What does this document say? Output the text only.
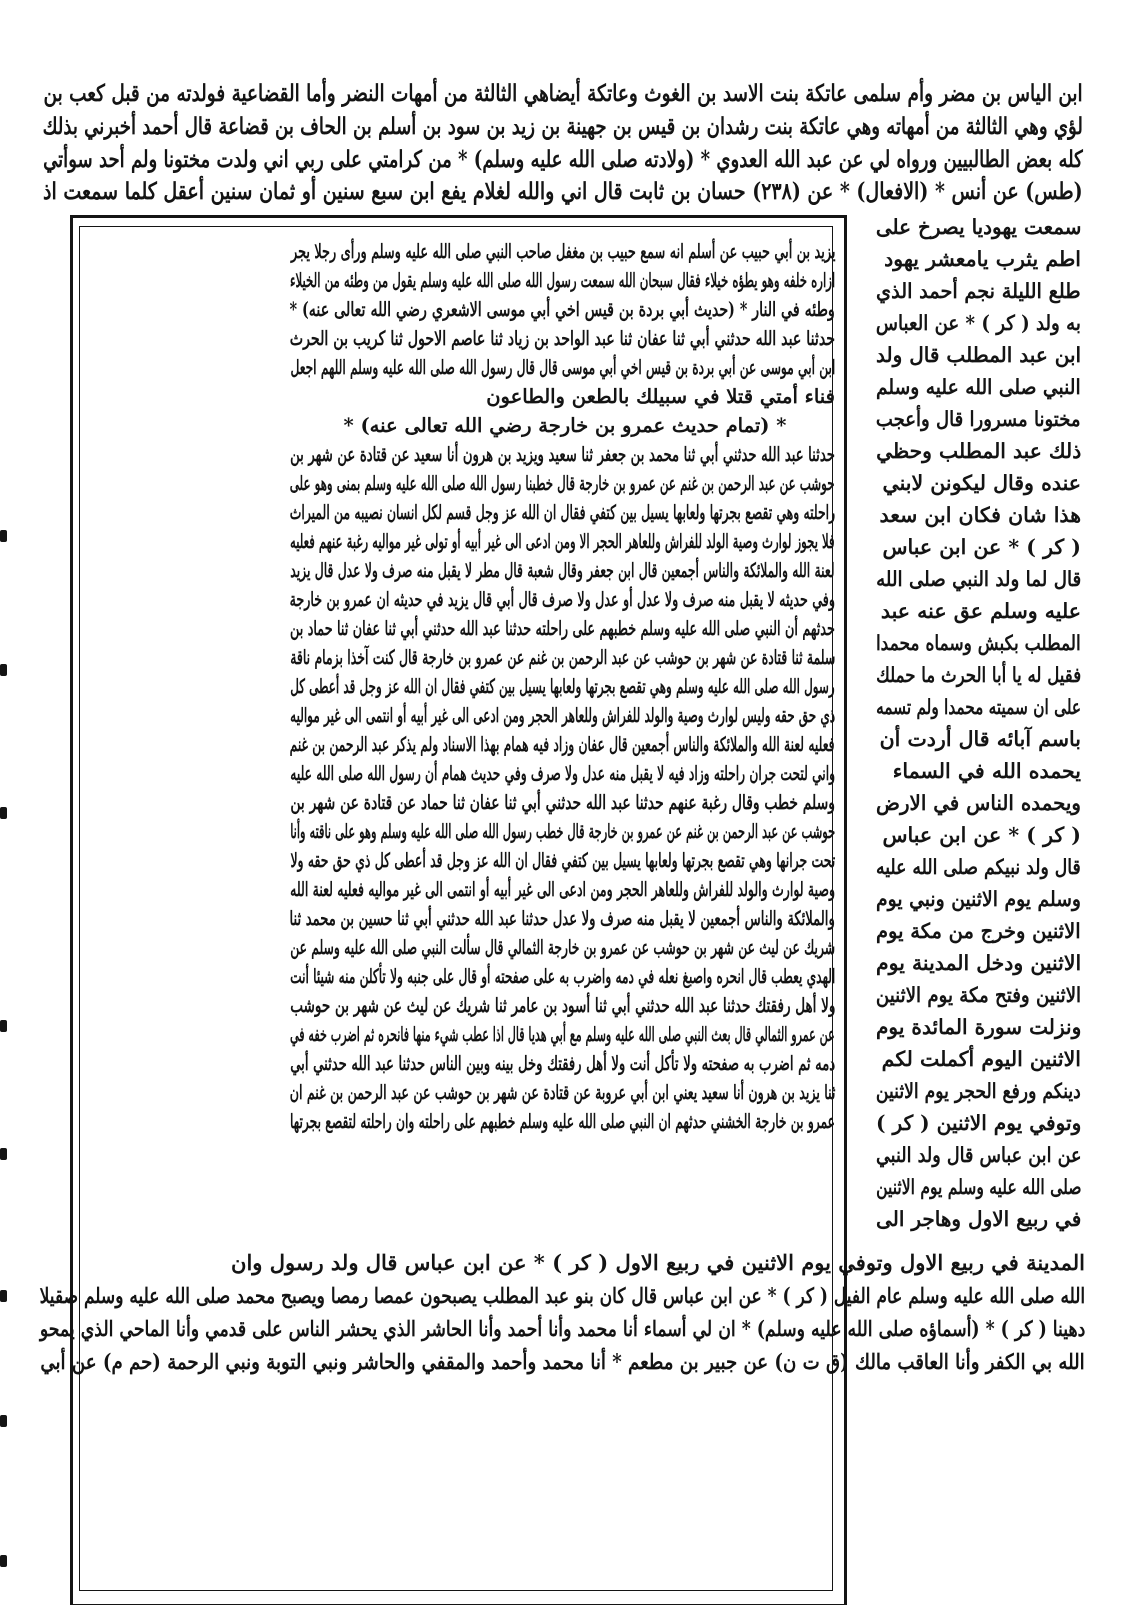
ابن الياس بن مضر وأم سلمى عاتكة بنت الاسد بن الغوث وعاتكة أيضاهي الثالثة من أمهات النضر وأما القضاعية فولدته من قبل كعب بن
لؤي وهي الثالثة من أمهاته وهي عاتكة بنت رشدان بن قيس بن جهينة بن زيد بن سود بن أسلم بن الحاف بن قضاعة قال أحمد أخبرني بذلك
كله بعض الطالبيين ورواه لي عن عبد الله العدوي * (ولادته صلى الله عليه وسلم) * من كرامتي على ربي اني ولدت مختونا ولم أحد سوأتي
(طس) عن أنس * (الافعال) * عن (٢٣٨) حسان بن ثابت قال اني والله لغلام يفع ابن سبع سنين أو ثمان سنين أعقل كلما سمعت اذ
يزيد بن أبي حبيب عن أسلم انه سمع حبيب بن مغفل صاحب النبي صلى الله عليه وسلم ورأى رجلا يجر
ازاره خلفه وهو يطؤه خيلاء فقال سبحان الله سمعت رسول الله صلى الله عليه وسلم يقول من وطئه من الخيلاء
وطئه في النار * (حديث أبي بردة بن قيس اخي أبي موسى الاشعري رضي الله تعالى عنه) *
حدثنا عبد الله حدثني أبي ثنا عفان ثنا عبد الواحد بن زياد ثنا عاصم الاحول ثنا كريب بن الحرث
ابن أبي موسى عن أبي بردة بن قيس اخي أبي موسى قال قال رسول الله صلى الله عليه وسلم اللهم اجعل
فناء أمتي قتلا في سبيلك بالطعن والطاعون
* (تمام حديث عمرو بن خارجة رضي الله تعالى عنه) *
حدثنا عبد الله حدثني أبي ثنا محمد بن جعفر ثنا سعيد ويزيد بن هرون أنا سعيد عن قتادة عن شهر بن
حوشب عن عبد الرحمن بن غنم عن عمرو بن خارجة قال خطبنا رسول الله صلى الله عليه وسلم بمنى وهو على
راحلته وهي تقصع بجرتها ولعابها يسيل بين كتفي فقال ان الله عز وجل قسم لكل انسان نصيبه من الميراث
فلا يجوز لوارث وصية الولد للفراش وللعاهر الحجر الا ومن ادعى الى غير أبيه أو تولى غير مواليه رغبة عنهم فعليه
لعنة الله والملائكة والناس أجمعين قال ابن جعفر وقال شعبة قال مطر لا يقبل منه صرف ولا عدل قال يزيد
وفي حديثه لا يقبل منه صرف ولا عدل أو عدل ولا صرف قال أبي قال يزيد في حديثه ان عمرو بن خارجة
حدثهم أن النبي صلى الله عليه وسلم خطبهم على راحلته حدثنا عبد الله حدثني أبي ثنا عفان ثنا حماد بن
سلمة ثنا قتادة عن شهر بن حوشب عن عبد الرحمن بن غنم عن عمرو بن خارجة قال كنت آخذا بزمام ناقة
رسول الله صلى الله عليه وسلم وهي تقصع بجرتها ولعابها يسيل بين كتفي فقال ان الله عز وجل قد أعطى كل
ذي حق حقه وليس لوارث وصية والولد للفراش وللعاهر الحجر ومن ادعى الى غير أبيه أو انتمى الى غير مواليه
فعليه لعنة الله والملائكة والناس أجمعين قال عفان وزاد فيه همام بهذا الاسناد ولم يذكر عبد الرحمن بن غنم
واني لتحت جران راحلته وزاد فيه لا يقبل منه عدل ولا صرف وفي حديث همام أن رسول الله صلى الله عليه
وسلم خطب وقال رغبة عنهم حدثنا عبد الله حدثني أبي ثنا عفان ثنا حماد عن قتادة عن شهر بن
حوشب عن عبد الرحمن بن غنم عن عمرو بن خارجة قال خطب رسول الله صلى الله عليه وسلم وهو على ناقته وأنا
تحت جرانها وهي تقصع بجرتها ولعابها يسيل بين كتفي فقال ان الله عز وجل قد أعطى كل ذي حق حقه ولا
وصية لوارث والولد للفراش وللعاهر الحجر ومن ادعى الى غير أبيه أو انتمى الى غير مواليه فعليه لعنة الله
والملائكة والناس أجمعين لا يقبل منه صرف ولا عدل حدثنا عبد الله حدثني أبي ثنا حسين بن محمد ثنا
شريك عن ليث عن شهر بن حوشب عن عمرو بن خارجة الثمالي قال سألت النبي صلى الله عليه وسلم عن
الهدي يعطب قال انحره واصبغ نعله في دمه واضرب به على صفحته أو قال على جنبه ولا تأكلن منه شيئا أنت
ولا أهل رفقتك حدثنا عبد الله حدثني أبي ثنا أسود بن عامر ثنا شريك عن ليث عن شهر بن حوشب
عن عمرو الثمالي قال بعث النبي صلى الله عليه وسلم مع أبي هديا قال اذا عطب شيء منها فانحره ثم اضرب خفه في
دمه ثم اضرب به صفحته ولا تأكل أنت ولا أهل رفقتك وخل بينه وبين الناس حدثنا عبد الله حدثني أبي
ثنا يزيد بن هرون أنا سعيد يعني ابن أبي عروبة عن قتادة عن شهر بن حوشب عن عبد الرحمن بن غنم ان
عمرو بن خارجة الخشني حدثهم ان النبي صلى الله عليه وسلم خطبهم على راحلته وان راحلته لتقصع بجرتها
سمعت يهوديا يصرخ على
اطم يثرب يامعشر يهود
طلع الليلة نجم أحمد الذي
به ولد ( كر ) * عن العباس
ابن عبد المطلب قال ولد
النبي صلى الله عليه وسلم
مختونا مسرورا قال وأعجب
ذلك عبد المطلب وحظي
عنده وقال ليكونن لابني
هذا شان فكان ابن سعد
( كر ) * عن ابن عباس
قال لما ولد النبي صلى الله
عليه وسلم عق عنه عبد
المطلب بكبش وسماه محمدا
فقيل له يا أبا الحرث ما حملك
على ان سميته محمدا ولم تسمه
باسم آبائه قال أردت أن
يحمده الله في السماء
ويحمده الناس في الارض
( كر ) * عن ابن عباس
قال ولد نبيكم صلى الله عليه
وسلم يوم الاثنين ونبي يوم
الاثنين وخرج من مكة يوم
الاثنين ودخل المدينة يوم
الاثنين وفتح مكة يوم الاثنين
ونزلت سورة المائدة يوم
الاثنين اليوم أكملت لكم
دينكم ورفع الحجر يوم الاثنين
وتوفي يوم الاثنين ( كر )
عن ابن عباس قال ولد النبي
صلى الله عليه وسلم يوم الاثنين
في ربيع الاول وهاجر الى
المدينة في ربيع الاول وتوفي يوم الاثنين في ربيع الاول ( كر ) * عن ابن عباس قال ولد رسول وان
الله صلى الله عليه وسلم عام الفيل ( كر ) * عن ابن عباس قال كان بنو عبد المطلب يصبحون عمصا رمصا ويصبح محمد صلى الله عليه وسلم صقيلا
دهينا ( كر ) * (أسماؤه صلى الله عليه وسلم) * ان لي أسماء أنا محمد وأنا أحمد وأنا الحاشر الذي يحشر الناس على قدمي وأنا الماحي الذي يمحو
الله بي الكفر وأنا العاقب مالك (ق ت ن) عن جبير بن مطعم * أنا محمد وأحمد والمقفي والحاشر ونبي التوبة ونبي الرحمة (حم م) عن أبي
